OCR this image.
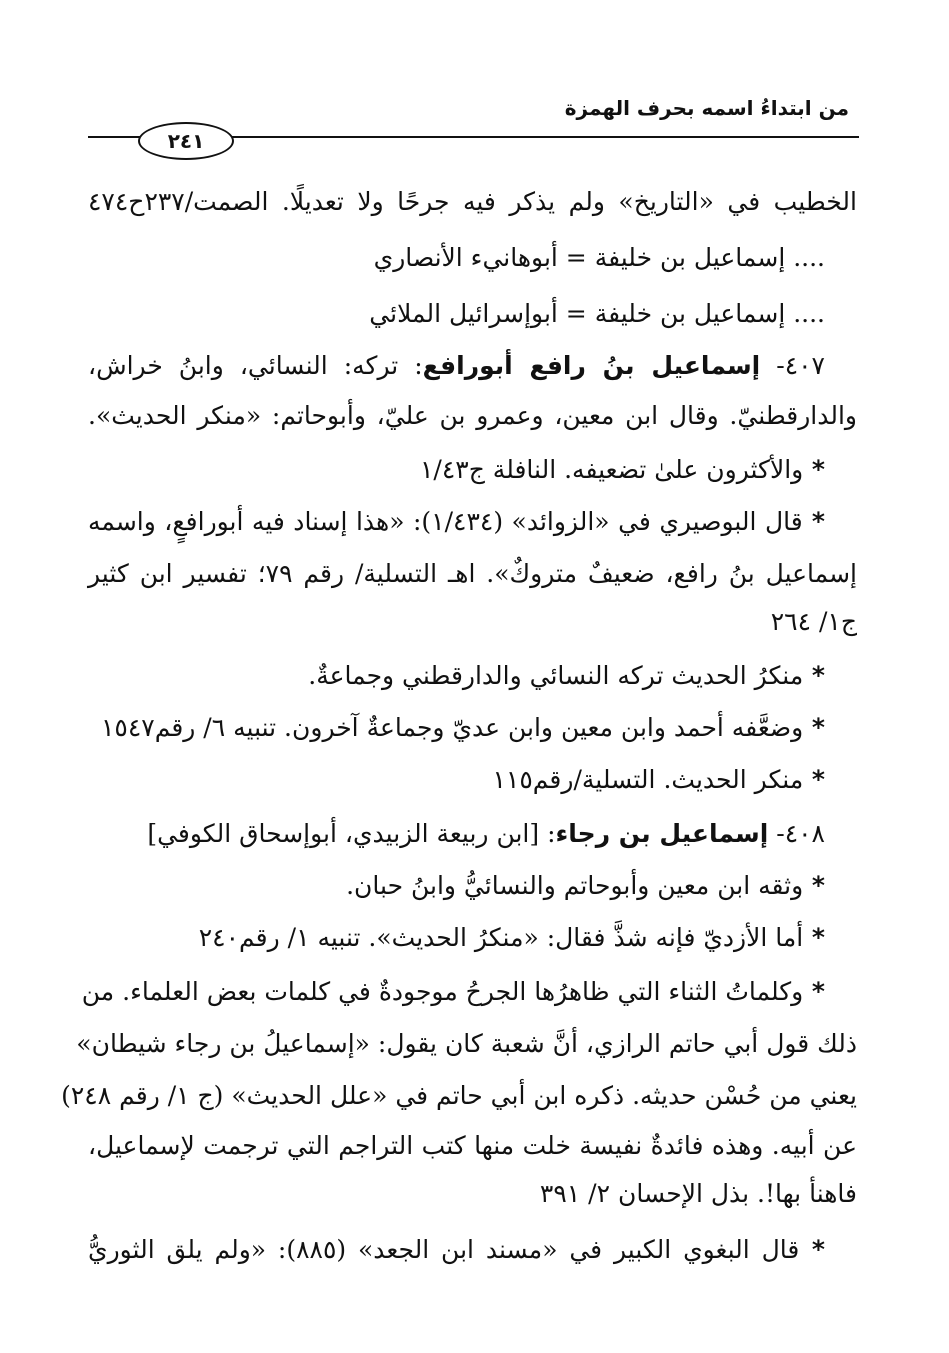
من ابتداءُ اسمه بحرف الهمزة
٢٤١
الخطيب في «التاريخ» ولم يذكر فيه جرحًا ولا تعديلًا. الصمت/٢٣٧ح٤٧٤
.... إسماعيل بن خليفة = أبوهانيء الأنصاري
.... إسماعيل بن خليفة = أبوإسرائيل الملائي
٤٠٧- إسماعيل بنُ رافع أبورافع: تركه: النسائي، وابنُ خراش،
والدارقطنيّ. وقال ابن معين، وعمرو بن عليّ، وأبوحاتم: «منكر الحديث».
* والأكثرون علىٰ تضعيفه. النافلة ج١/٤٣
* قال البوصيري في «الزوائد» (١/٤٣٤): «هذا إسناد فيه أبورافعٍ، واسمه
إسماعيل بنُ رافع، ضعيفٌ متروكٌ». اهـ التسلية/ رقم ٧٩؛ تفسير ابن كثير
ج١/ ٢٦٤
* منكرُ الحديث تركه النسائي والدارقطني وجماعةٌ.
* وضعَّفه أحمد وابن معين وابن عديّ وجماعةٌ آخرون. تنبيه ٦/ رقم١٥٤٧
* منكر الحديث. التسلية/رقم١١٥
٤٠٨- إسماعيل بن رجاء: [ابن ربيعة الزبيدي، أبوإسحاق الكوفي]
* وثقه ابن معين وأبوحاتم والنسائيُّ وابنُ حبان.
* أما الأزديّ فإنه شذَّ فقال: «منكرُ الحديث». تنبيه ١/ رقم٢٤٠
* وكلماتُ الثناء التي ظاهرُها الجرحُ موجودةٌ في كلمات بعض العلماء. من
ذلك قول أبي حاتم الرازي، أنَّ شعبة كان يقول: «إسماعيلُ بن رجاء شيطان»
يعني من حُسْن حديثه. ذكره ابن أبي حاتم في «علل الحديث» (ج ١/ رقم ٢٤٨)
عن أبيه. وهذه فائدةٌ نفيسة خلت منها كتب التراجم التي ترجمت لإسماعيل،
فاهنأ بها!. بذل الإحسان ٢/ ٣٩١
* قال البغوي الكبير في «مسند ابن الجعد» (٨٨٥): «ولم يلق الثوريُّ
